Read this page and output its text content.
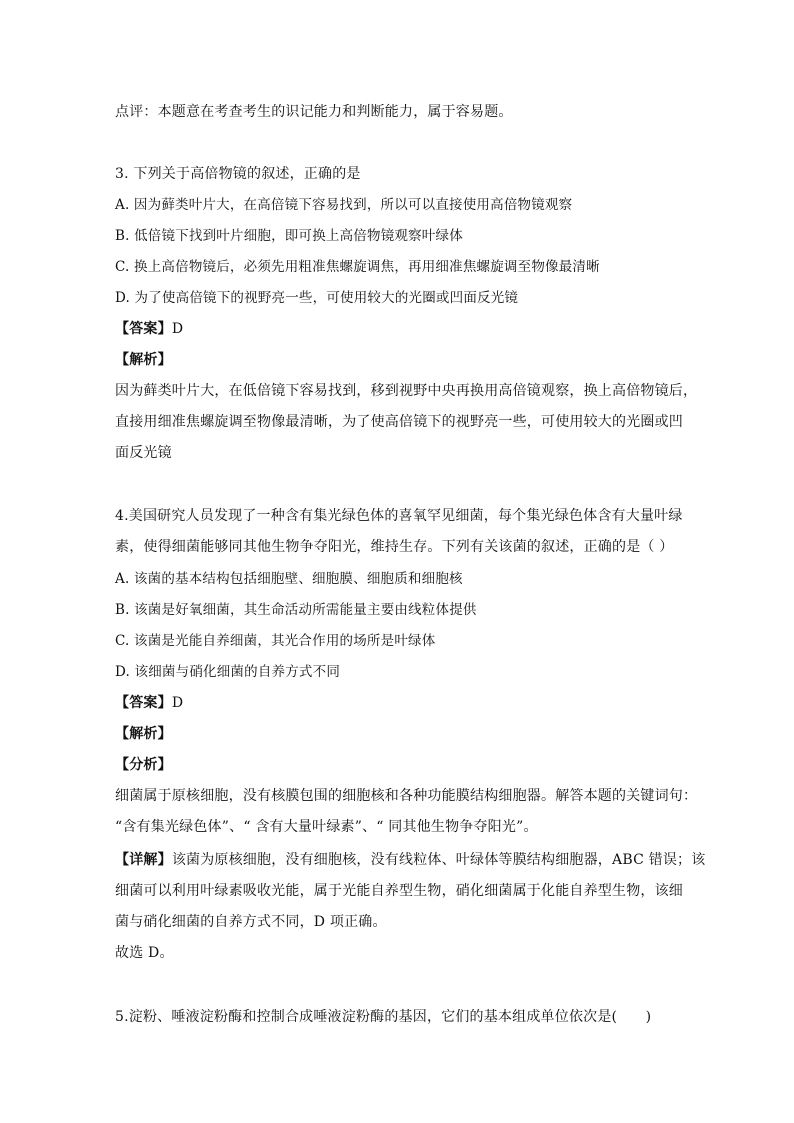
点评：本题意在考查考生的识记能力和判断能力，属于容易题。
3. 下列关于高倍物镜的叙述，正确的是
A. 因为藓类叶片大，在高倍镜下容易找到，所以可以直接使用高倍物镜观察
B. 低倍镜下找到叶片细胞，即可换上高倍物镜观察叶绿体
C. 换上高倍物镜后，必须先用粗准焦螺旋调焦，再用细准焦螺旋调至物像最清晰
D. 为了使高倍镜下的视野亮一些，可使用较大的光圈或凹面反光镜
【答案】D
【解析】
因为藓类叶片大，在低倍镜下容易找到，移到视野中央再换用高倍镜观察，换上高倍物镜后，
直接用细准焦螺旋调至物像最清晰，为了使高倍镜下的视野亮一些，可使用较大的光圈或凹
面反光镜
4.美国研究人员发现了一种含有集光绿色体的喜氧罕见细菌，每个集光绿色体含有大量叶绿
素，使得细菌能够同其他生物争夺阳光，维持生存。下列有关该菌的叙述，正确的是（ ）
A. 该菌的基本结构包括细胞壁、细胞膜、细胞质和细胞核
B. 该菌是好氧细菌，其生命活动所需能量主要由线粒体提供
C. 该菌是光能自养细菌，其光合作用的场所是叶绿体
D. 该细菌与硝化细菌的自养方式不同
【答案】D
【解析】
【分析】
细菌属于原核细胞，没有核膜包围的细胞核和各种功能膜结构细胞器。解答本题的关键词句：
“含有集光绿色体”、“ 含有大量叶绿素”、“ 同其他生物争夺阳光”。
【详解】该菌为原核细胞，没有细胞核，没有线粒体、叶绿体等膜结构细胞器，ABC 错误；该
细菌可以利用叶绿素吸收光能，属于光能自养型生物，硝化细菌属于化能自养型生物，该细
菌与硝化细菌的自养方式不同，D 项正确。
故选 D。
5.淀粉、唾液淀粉酶和控制合成唾液淀粉酶的基因，它们的基本组成单位依次是(　　)
